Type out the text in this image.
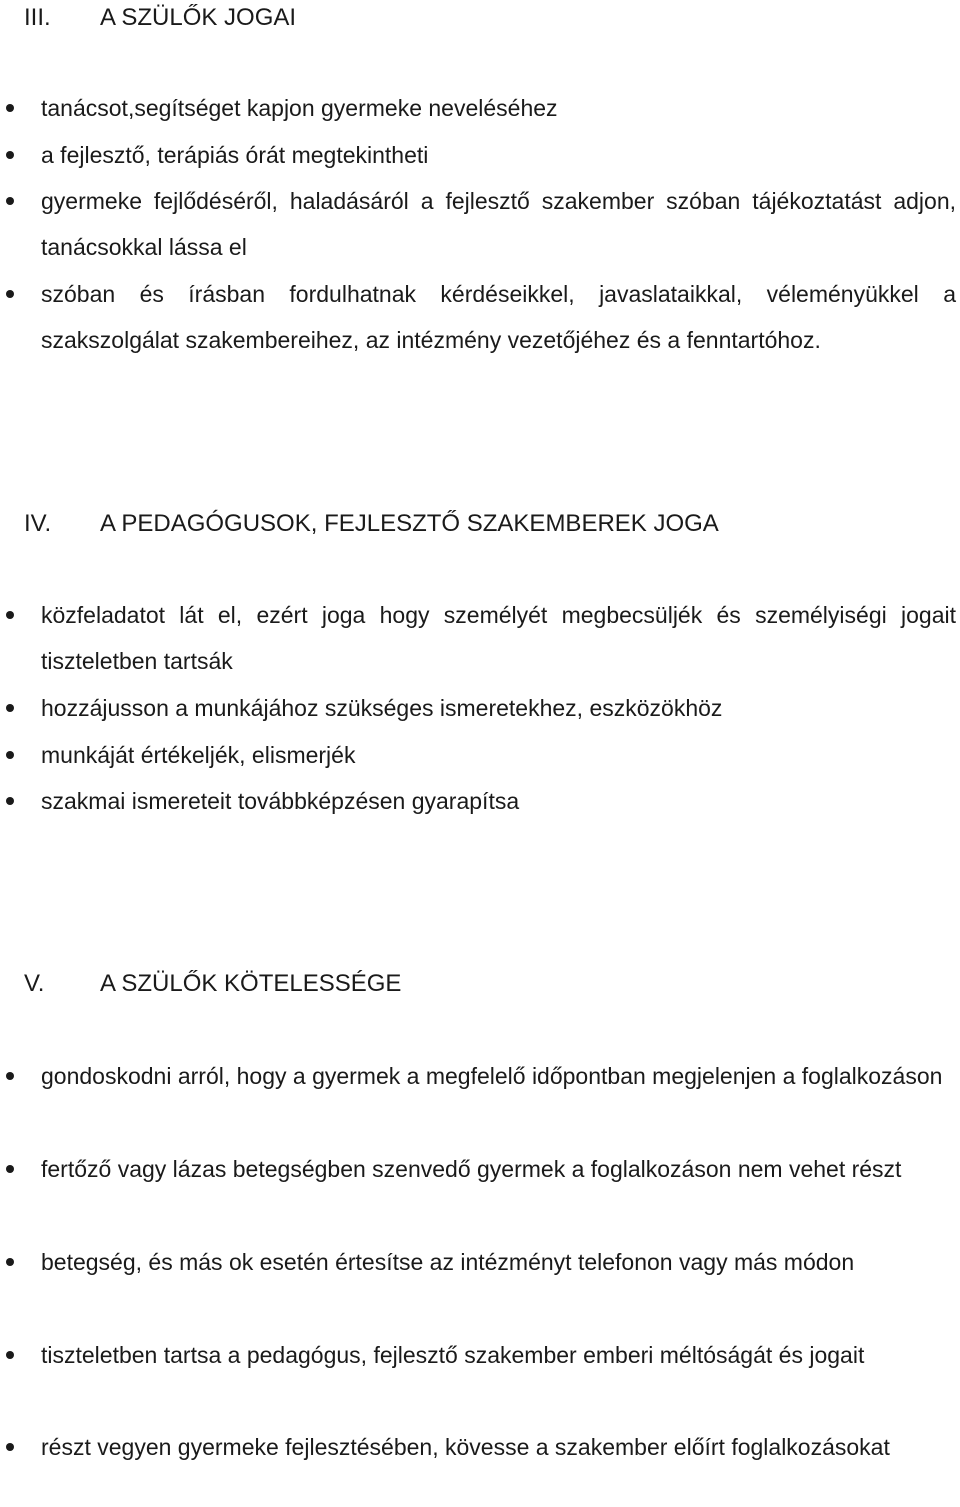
III. A SZÜLŐK JOGAI
tanácsot,segítséget kapjon gyermeke neveléséhez
a fejlesztő, terápiás órát megtekintheti
gyermeke fejlődéséről, haladásáról a fejlesztő szakember szóban tájékoztatást adjon, tanácsokkal lássa el
szóban és írásban fordulhatnak kérdéseikkel, javaslataikkal, véleményükkel a szakszolgálat szakembereihez, az intézmény vezetőjéhez és a fenntartóhoz.
IV. A PEDAGÓGUSOK, FEJLESZTŐ SZAKEMBEREK JOGA
közfeladatot lát el, ezért joga hogy személyét megbecsüljék és személyiségi jogait tiszteletben tartsák
hozzájusson a munkájához szükséges ismeretekhez, eszközökhöz
munkáját értékeljék, elismerjék
szakmai ismereteit továbbképzésen gyarapítsa
V. A SZÜLŐK KÖTELESSÉGE
gondoskodni arról, hogy a gyermek a megfelelő időpontban megjelenjen a foglalkozáson
fertőző vagy lázas betegségben szenvedő gyermek a foglalkozáson nem vehet részt
betegség, és más ok esetén értesítse az intézményt telefonon vagy más módon
tiszteletben tartsa a pedagógus, fejlesztő szakember emberi méltóságát és jogait
részt vegyen gyermeke fejlesztésében, kövesse a szakember előírt foglalkozásokat
